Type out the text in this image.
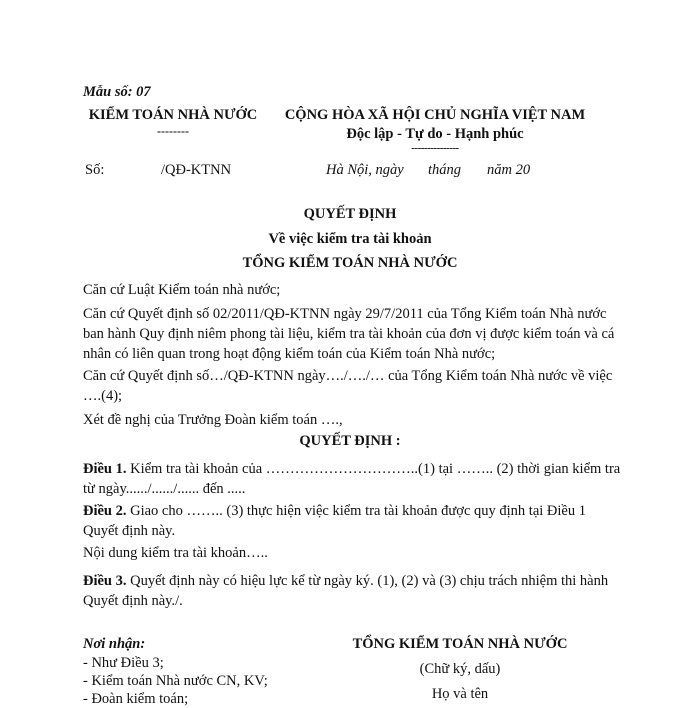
Mẫu số: 07
KIỂM TOÁN NHÀ NƯỚC
--------
CỘNG HÒA XÃ HỘI CHỦ NGHĨA VIỆT NAM
Độc lập - Tự do - Hạnh phúc
---------------
Số:	/QĐ-KTNN	Hà Nội, ngày tháng năm 20
QUYẾT ĐỊNH
Về việc kiểm tra tài khoản
TỔNG KIỂM TOÁN NHÀ NƯỚC
Căn cứ Luật Kiểm toán nhà nước;
Căn cứ Quyết định số 02/2011/QĐ-KTNN ngày 29/7/2011 của Tổng Kiểm toán Nhà nước ban hành Quy định niêm phong tài liệu, kiểm tra tài khoản của đơn vị được kiểm toán và cá nhân có liên quan trong hoạt động kiểm toán của Kiểm toán Nhà nước;
Căn cứ Quyết định số…/QĐ-KTNN ngày…./…./… của Tổng Kiểm toán Nhà nước về việc ….(4);
Xét đề nghị của Trưởng Đoàn kiểm toán ….,
QUYẾT ĐỊNH :
Điều 1. Kiểm tra tài khoản của …………………………..(1) tại …….. (2) thời gian kiểm tra từ ngày....../....../...... đến .....
Điều 2. Giao cho …….. (3) thực hiện việc kiểm tra tài khoản được quy định tại Điều 1 Quyết định này.
Nội dung kiểm tra tài khoản…..
Điều 3. Quyết định này có hiệu lực kể từ ngày ký. (1), (2) và (3) chịu trách nhiệm thi hành Quyết định này./.
Nơi nhận:
- Như Điều 3;
- Kiểm toán Nhà nước CN, KV;
- Đoàn kiểm toán;
TỔNG KIỂM TOÁN NHÀ NƯỚC
(Chữ ký, dấu)
Họ và tên
